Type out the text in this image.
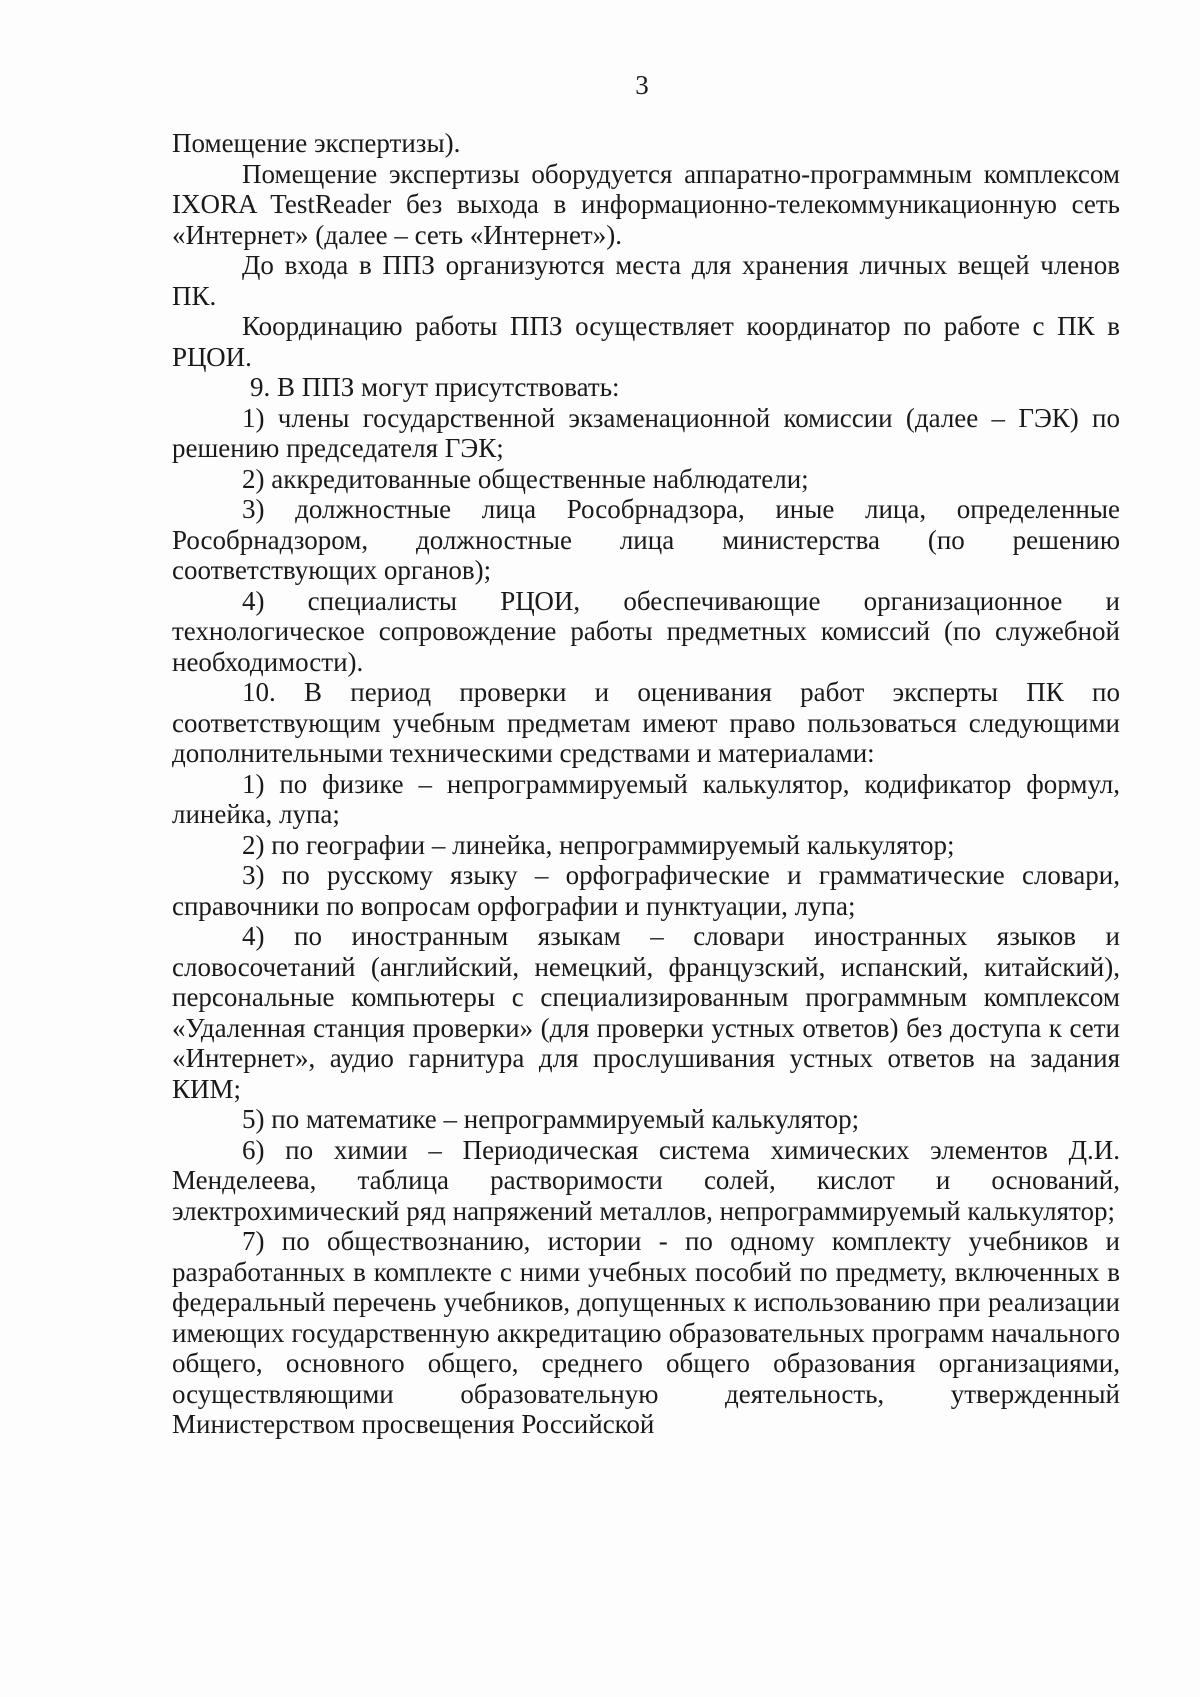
3

Помещение экспертизы).

Помещение экспертизы оборудуется аппаратно-программным комплексом IXORA TestReader без выхода в информационно-телекоммуникационную сеть «Интернет» (далее – сеть «Интернет»).

До входа в ППЗ организуются места для хранения личных вещей членов ПК.

Координацию работы ППЗ осуществляет координатор по работе с ПК в РЦОИ.

9. В ППЗ могут присутствовать:

1) члены государственной экзаменационной комиссии (далее – ГЭК) по решению председателя ГЭК;

2) аккредитованные общественные наблюдатели;

3) должностные лица Рособрнадзора, иные лица, определенные Рособрнадзором, должностные лица министерства (по решению соответствующих органов);

4) специалисты РЦОИ, обеспечивающие организационное и технологическое сопровождение работы предметных комиссий (по служебной необходимости).

10. В период проверки и оценивания работ эксперты ПК по соответствующим учебным предметам имеют право пользоваться следующими дополнительными техническими средствами и материалами:

1) по физике – непрограммируемый калькулятор, кодификатор формул, линейка, лупа;

2) по географии – линейка, непрограммируемый калькулятор;

3) по русскому языку – орфографические и грамматические словари, справочники по вопросам орфографии и пунктуации, лупа;

4) по иностранным языкам – словари иностранных языков и словосочетаний (английский, немецкий, французский, испанский, китайский), персональные компьютеры с специализированным программным комплексом «Удаленная станция проверки» (для проверки устных ответов) без доступа к сети «Интернет», аудио гарнитура для прослушивания устных ответов на задания КИМ;

5) по математике – непрограммируемый калькулятор;

6) по химии – Периодическая система химических элементов Д.И. Менделеева, таблица растворимости солей, кислот и оснований, электрохимический ряд напряжений металлов, непрограммируемый калькулятор;

7) по обществознанию, истории - по одному комплекту учебников и разработанных в комплекте с ними учебных пособий по предмету, включенных в федеральный перечень учебников, допущенных к использованию при реализации имеющих государственную аккредитацию образовательных программ начального общего, основного общего, среднего общего образования организациями, осуществляющими образовательную деятельность, утвержденный Министерством просвещения Российской
